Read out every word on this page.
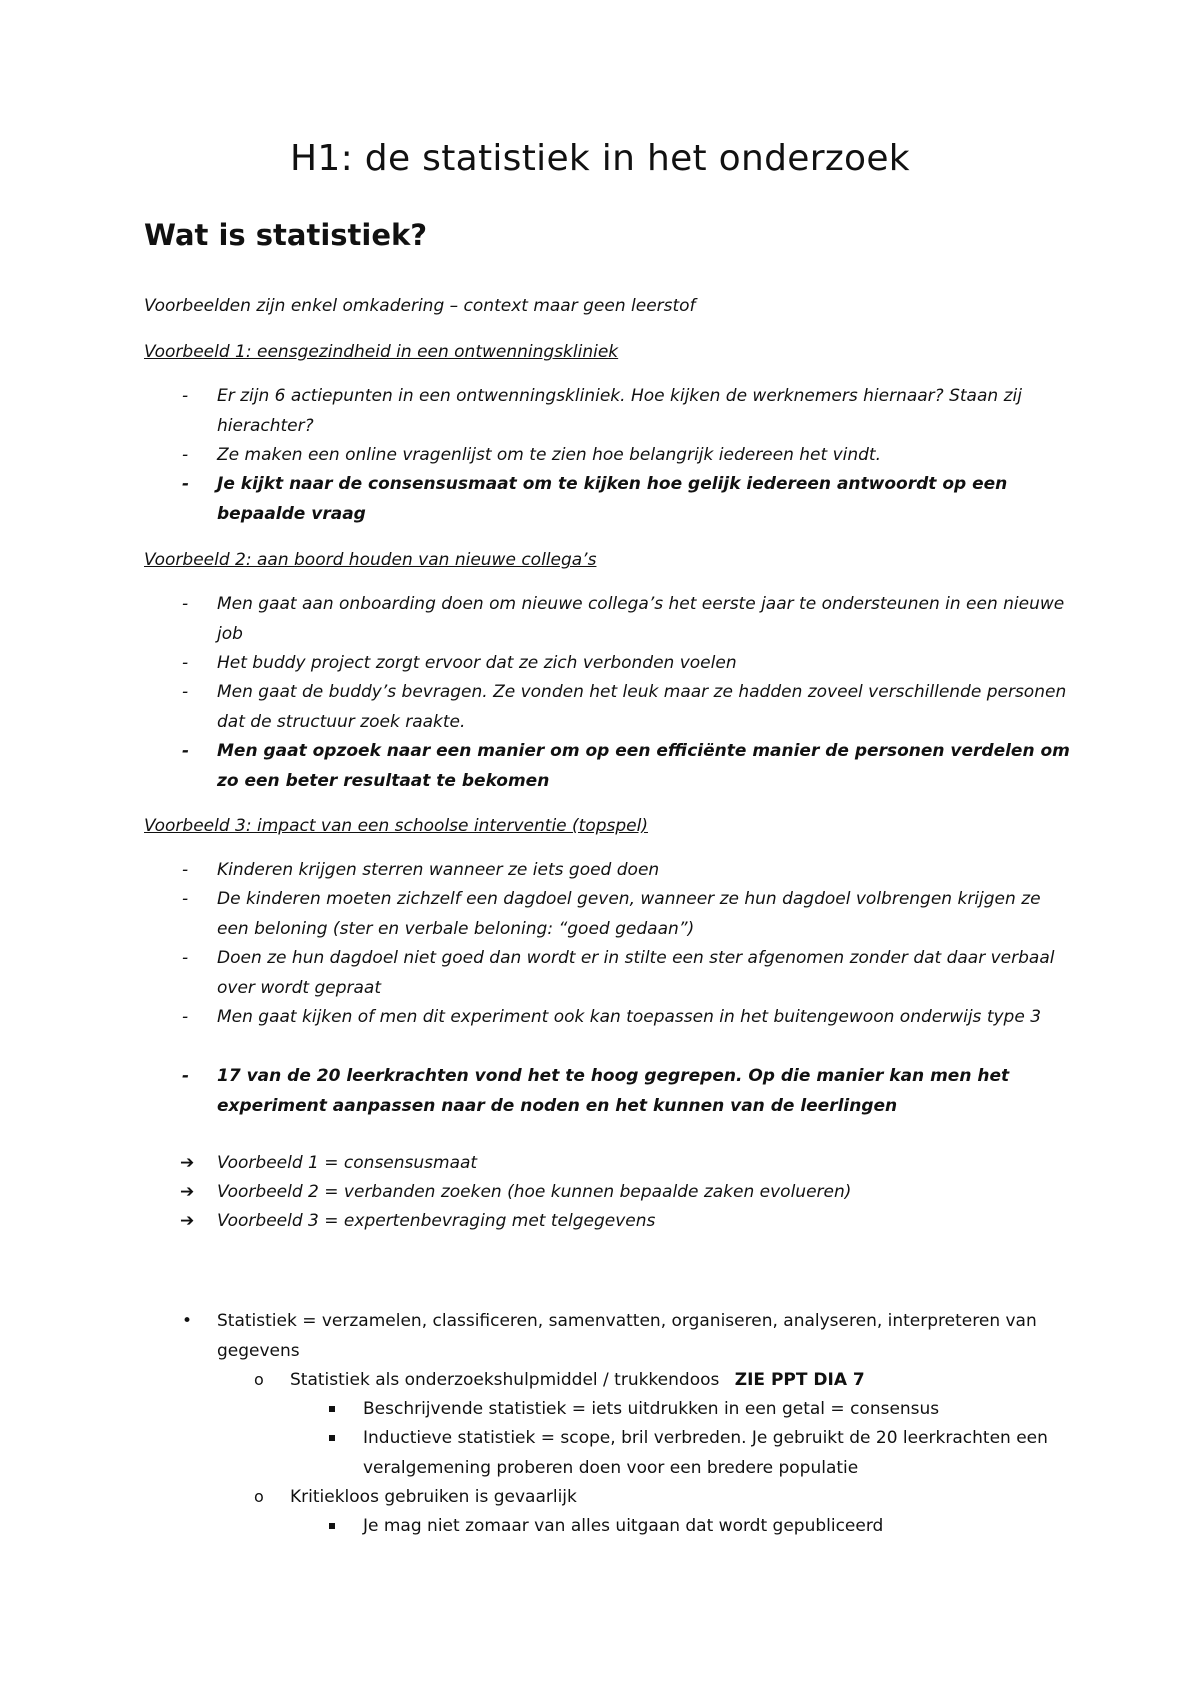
H1: de statistiek in het onderzoek
Wat is statistiek?

Voorbeelden zijn enkel omkadering – context maar geen leerstof

Voorbeeld 1: eensgezindheid in een ontwenningskliniek

- Er zijn 6 actiepunten in een ontwenningskliniek. Hoe kijken de werknemers hiernaar? Staan zij hierachter?
- Ze maken een online vragenlijst om te zien hoe belangrijk iedereen het vindt.
- Je kijkt naar de consensusmaat om te kijken hoe gelijk iedereen antwoordt op een bepaalde vraag

Voorbeeld 2: aan boord houden van nieuwe collega’s

- Men gaat aan onboarding doen om nieuwe collega’s het eerste jaar te ondersteunen in een nieuwe job
- Het buddy project zorgt ervoor dat ze zich verbonden voelen
- Men gaat de buddy’s bevragen. Ze vonden het leuk maar ze hadden zoveel verschillende personen dat de structuur zoek raakte.
- Men gaat opzoek naar een manier om op een efficiënte manier de personen verdelen om zo een beter resultaat te bekomen

Voorbeeld 3: impact van een schoolse interventie (topspel)

- Kinderen krijgen sterren wanneer ze iets goed doen
- De kinderen moeten zichzelf een dagdoel geven, wanneer ze hun dagdoel volbrengen krijgen ze een beloning (ster en verbale beloning: “goed gedaan”)
- Doen ze hun dagdoel niet goed dan wordt er in stilte een ster afgenomen zonder dat daar verbaal over wordt gepraat
- Men gaat kijken of men dit experiment ook kan toepassen in het buitengewoon onderwijs type 3
- 17 van de 20 leerkrachten vond het te hoog gegrepen. Op die manier kan men het experiment aanpassen naar de noden en het kunnen van de leerlingen
➔ Voorbeeld 1 = consensusmaat
➔ Voorbeeld 2 = verbanden zoeken (hoe kunnen bepaalde zaken evolueren)
➔ Voorbeeld 3 = expertenbevraging met telgegevens
• Statistiek = verzamelen, classificeren, samenvatten, organiseren, analyseren, interpreteren van gegevens
o Statistiek als onderzoekshulpmiddel / trukkendoos ZIE PPT DIA 7
Beschrijvende statistiek = iets uitdrukken in een getal = consensus
Inductieve statistiek = scope, bril verbreden. Je gebruikt de 20 leerkrachten een veralgemening proberen doen voor een bredere populatie
o Kritiekloos gebruiken is gevaarlijk
Je mag niet zomaar van alles uitgaan dat wordt gepubliceerd
